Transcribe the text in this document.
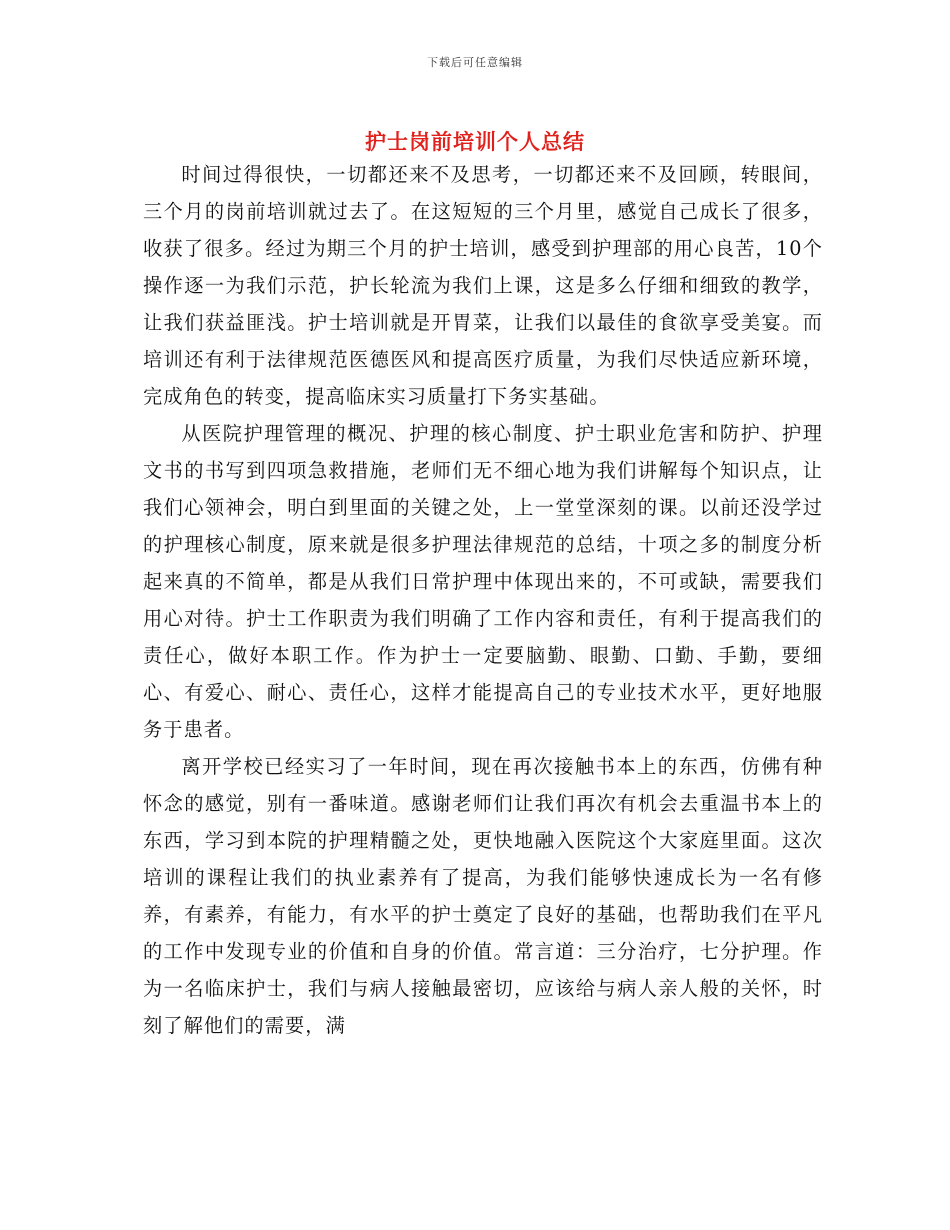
下载后可任意编辑
护士岗前培训个人总结

时间过得很快，一切都还来不及思考，一切都还来不及回顾，转眼间，三个月的岗前培训就过去了。在这短短的三个月里，感觉自己成长了很多，收获了很多。经过为期三个月的护士培训，感受到护理部的用心良苦，10个操作逐一为我们示范，护长轮流为我们上课，这是多么仔细和细致的教学，让我们获益匪浅。护士培训就是开胃菜，让我们以最佳的食欲享受美宴。而培训还有利于法律规范医德医风和提高医疗质量，为我们尽快适应新环境，完成角色的转变，提高临床实习质量打下务实基础。

从医院护理管理的概况、护理的核心制度、护士职业危害和防护、护理文书的书写到四项急救措施，老师们无不细心地为我们讲解每个知识点，让我们心领神会，明白到里面的关键之处，上一堂堂深刻的课。以前还没学过的护理核心制度，原来就是很多护理法律规范的总结，十项之多的制度分析起来真的不简单，都是从我们日常护理中体现出来的，不可或缺，需要我们用心对待。护士工作职责为我们明确了工作内容和责任，有利于提高我们的责任心，做好本职工作。作为护士一定要脑勤、眼勤、口勤、手勤，要细心、有爱心、耐心、责任心，这样才能提高自己的专业技术水平，更好地服务于患者。

离开学校已经实习了一年时间，现在再次接触书本上的东西，仿佛有种怀念的感觉，别有一番味道。感谢老师们让我们再次有机会去重温书本上的东西，学习到本院的护理精髓之处，更快地融入医院这个大家庭里面。这次培训的课程让我们的执业素养有了提高，为我们能够快速成长为一名有修养，有素养，有能力，有水平的护士奠定了良好的基础，也帮助我们在平凡的工作中发现专业的价值和自身的价值。常言道：三分治疗，七分护理。作为一名临床护士，我们与病人接触最密切，应该给与病人亲人般的关怀，时刻了解他们的需要，满
